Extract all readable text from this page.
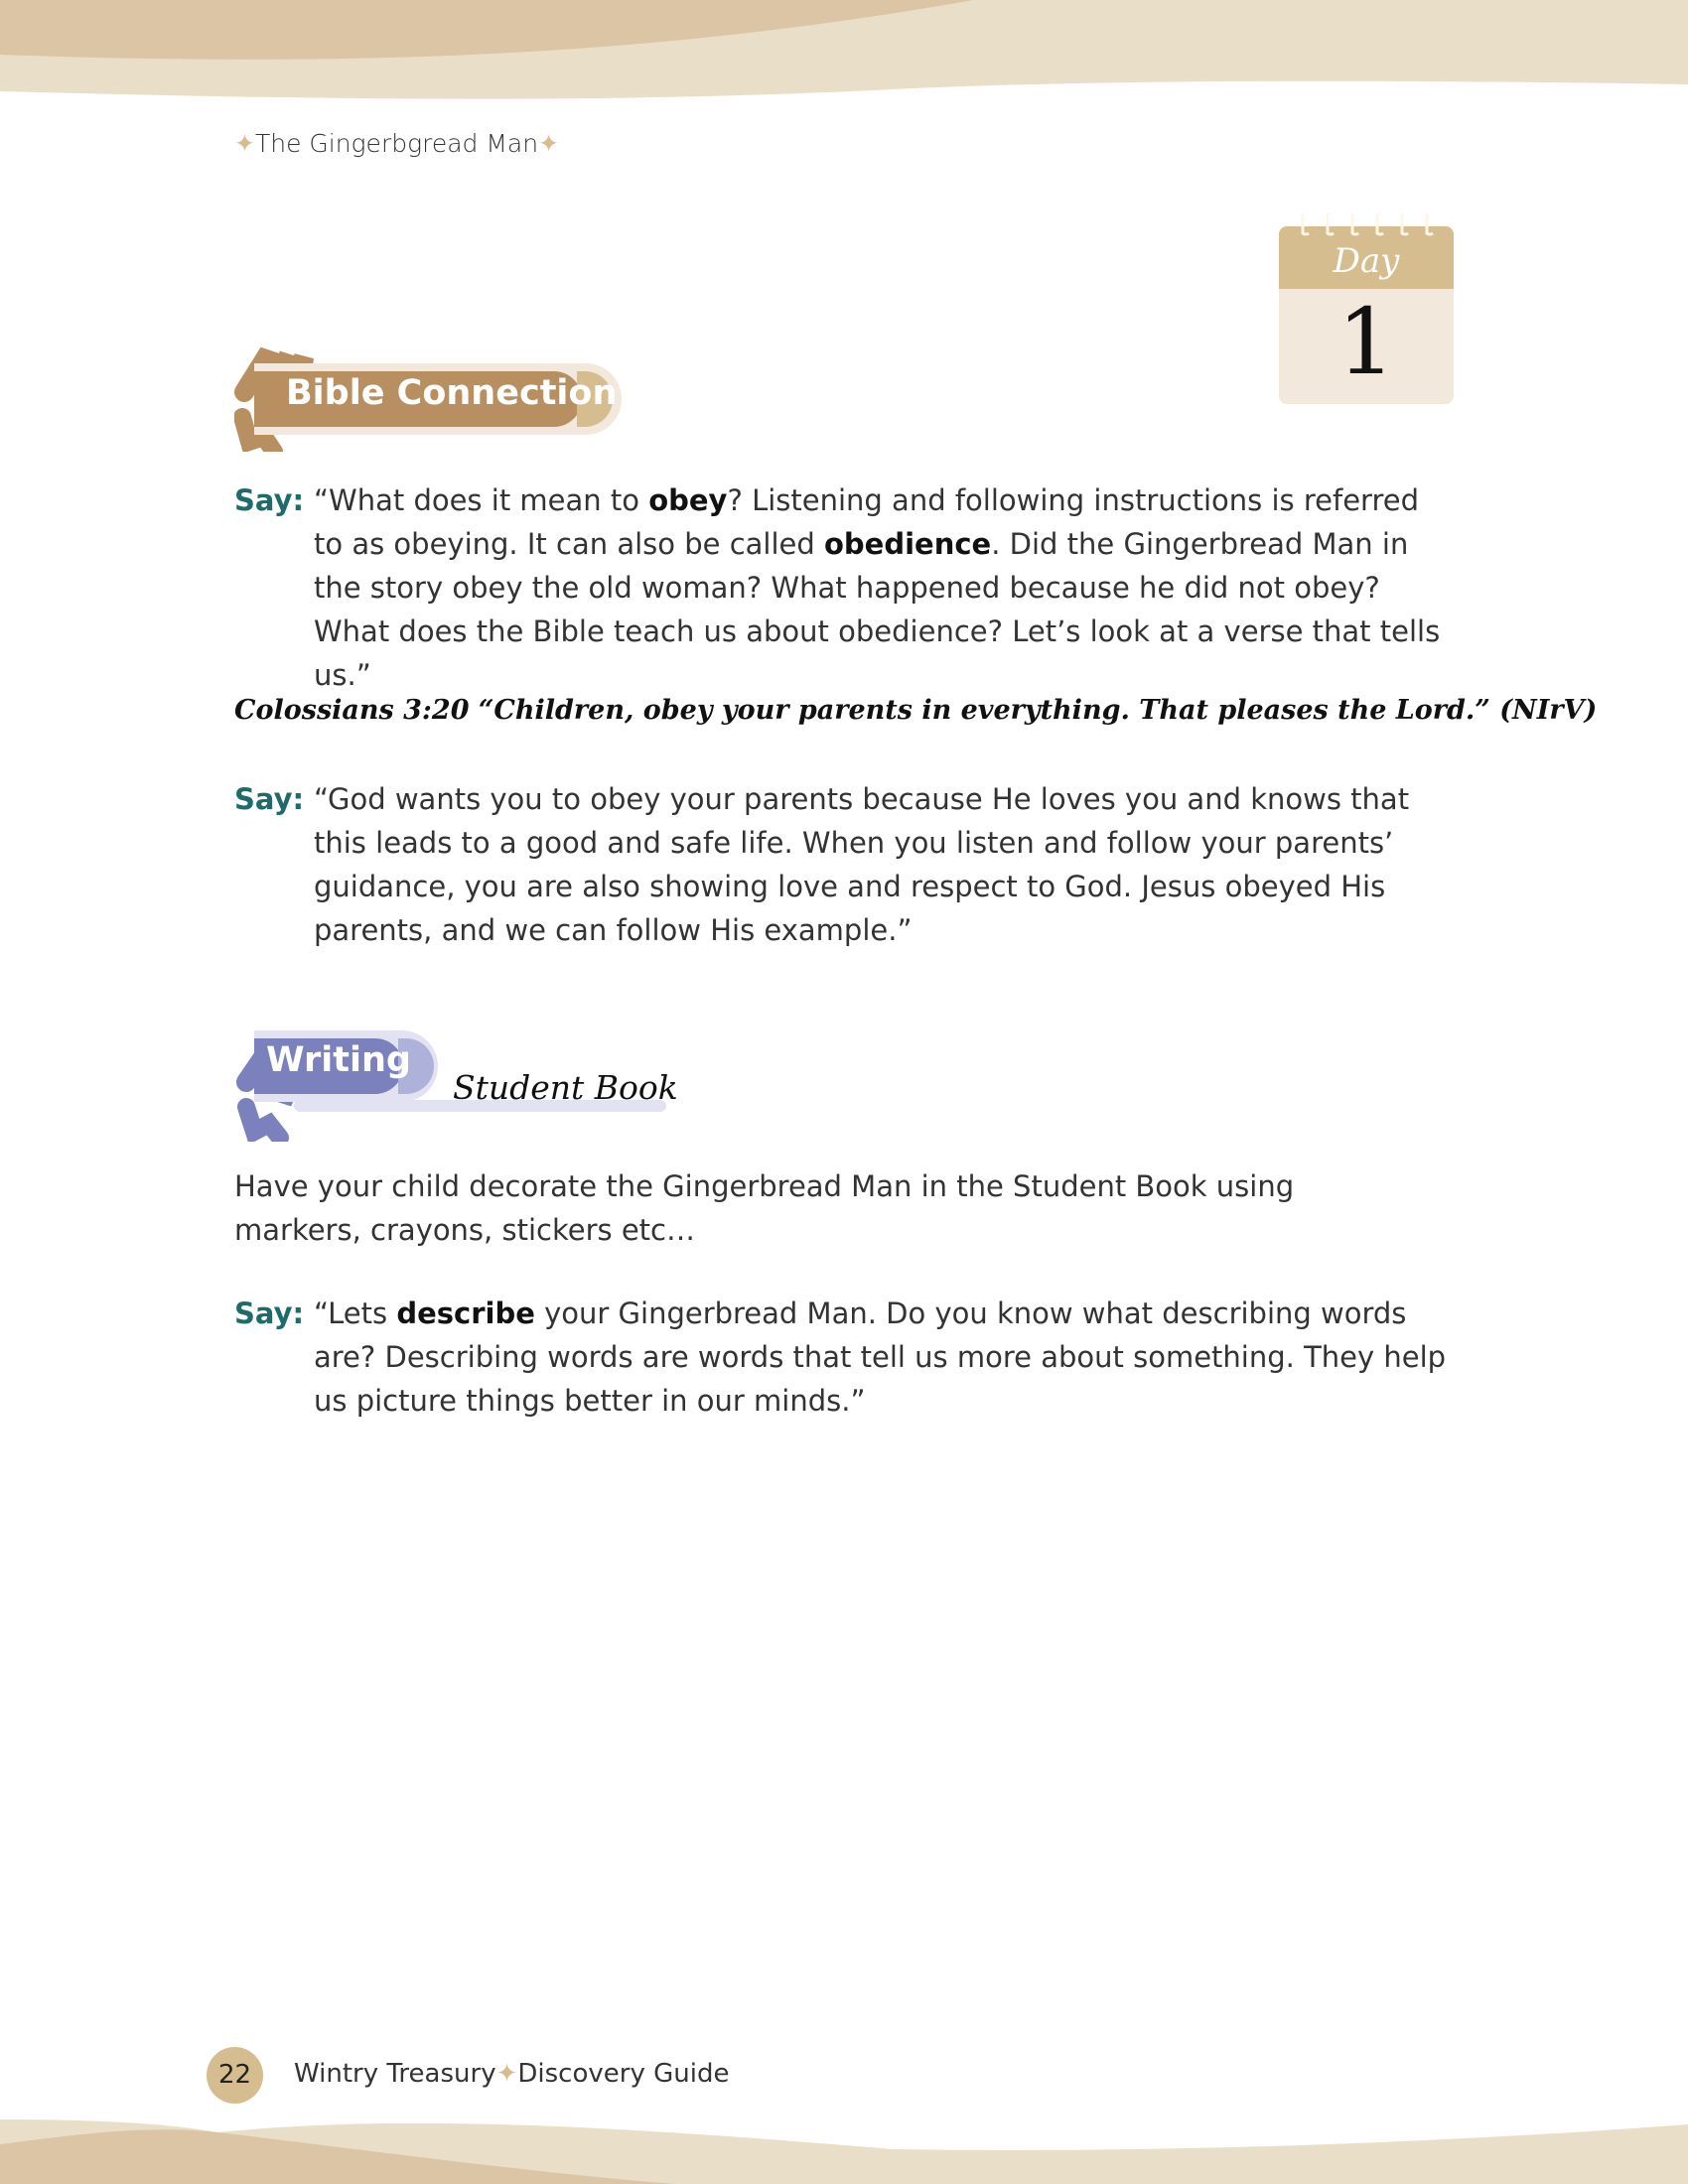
✦The Gingerbgread Man✦
Day
1
Bible Connection
Say: “What does it mean to obey? Listening and following instructions is referred to as obeying. It can also be called obedience. Did the Gingerbread Man in the story obey the old woman? What happened because he did not obey? What does the Bible teach us about obedience? Let’s look at a verse that tells us.”
Colossians 3:20 “Children, obey your parents in everything. That pleases the Lord.” (NIrV)
Say: “God wants you to obey your parents because He loves you and knows that this leads to a good and safe life. When you listen and follow your parents’ guidance, you are also showing love and respect to God. Jesus obeyed His parents, and we can follow His example.”
Writing
Student Book
Have your child decorate the Gingerbread Man in the Student Book using markers, crayons, stickers etc…
Say: “Lets describe your Gingerbread Man. Do you know what describing words are? Describing words are words that tell us more about something. They help us picture things better in our minds.”
22	Wintry Treasury✦Discovery Guide
